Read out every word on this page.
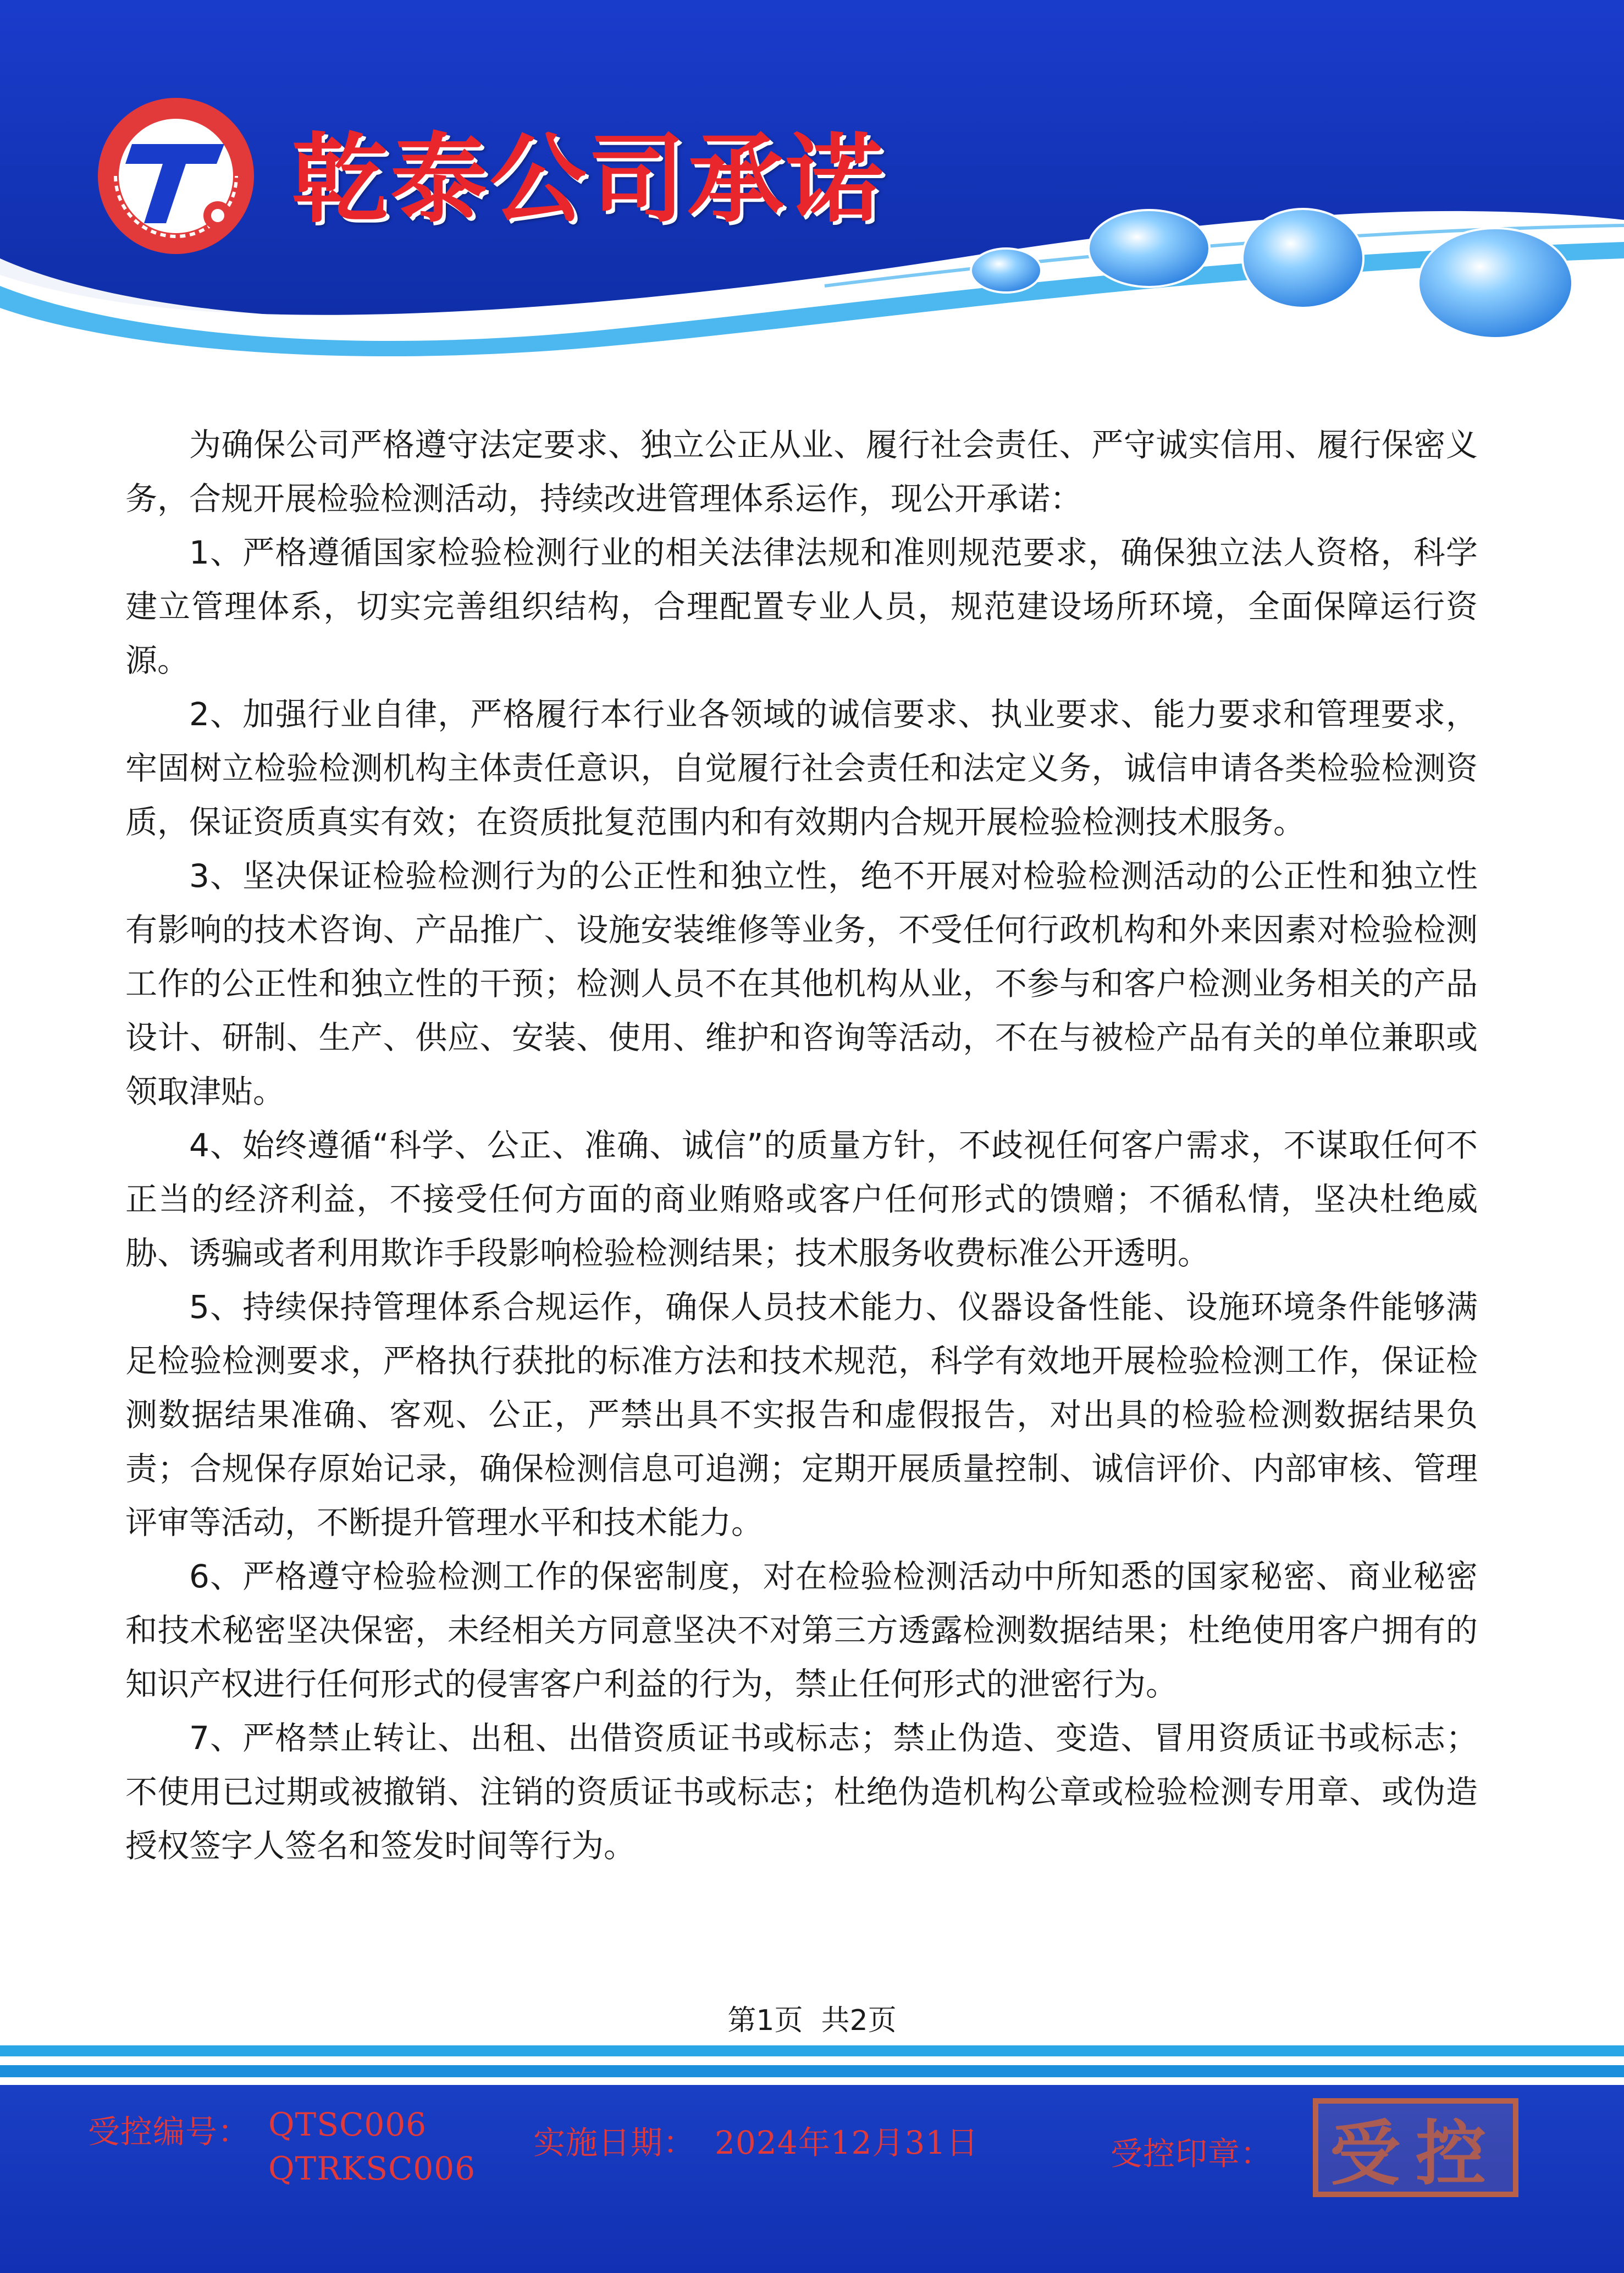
乾泰公司承诺

为确保公司严格遵守法定要求、独立公正从业、履行社会责任、严守诚实信用、履行保密义务，合规开展检验检测活动，持续改进管理体系运作，现公开承诺：

1、严格遵循国家检验检测行业的相关法律法规和准则规范要求，确保独立法人资格，科学建立管理体系，切实完善组织结构，合理配置专业人员，规范建设场所环境，全面保障运行资源。

2、加强行业自律，严格履行本行业各领域的诚信要求、执业要求、能力要求和管理要求，牢固树立检验检测机构主体责任意识，自觉履行社会责任和法定义务，诚信申请各类检验检测资质，保证资质真实有效；在资质批复范围内和有效期内合规开展检验检测技术服务。

3、坚决保证检验检测行为的公正性和独立性，绝不开展对检验检测活动的公正性和独立性有影响的技术咨询、产品推广、设施安装维修等业务，不受任何行政机构和外来因素对检验检测工作的公正性和独立性的干预；检测人员不在其他机构从业，不参与和客户检测业务相关的产品设计、研制、生产、供应、安装、使用、维护和咨询等活动，不在与被检产品有关的单位兼职或领取津贴。

4、始终遵循“科学、公正、准确、诚信”的质量方针，不歧视任何客户需求，不谋取任何不正当的经济利益，不接受任何方面的商业贿赂或客户任何形式的馈赠；不循私情，坚决杜绝威胁、诱骗或者利用欺诈手段影响检验检测结果；技术服务收费标准公开透明。

5、持续保持管理体系合规运作，确保人员技术能力、仪器设备性能、设施环境条件能够满足检验检测要求，严格执行获批的标准方法和技术规范，科学有效地开展检验检测工作，保证检测数据结果准确、客观、公正，严禁出具不实报告和虚假报告，对出具的检验检测数据结果负责；合规保存原始记录，确保检测信息可追溯；定期开展质量控制、诚信评价、内部审核、管理评审等活动，不断提升管理水平和技术能力。

6、严格遵守检验检测工作的保密制度，对在检验检测活动中所知悉的国家秘密、商业秘密和技术秘密坚决保密，未经相关方同意坚决不对第三方透露检测数据结果；杜绝使用客户拥有的知识产权进行任何形式的侵害客户利益的行为，禁止任何形式的泄密行为。

7、严格禁止转让、出租、出借资质证书或标志；禁止伪造、变造、冒用资质证书或标志；不使用已过期或被撤销、注销的资质证书或标志；杜绝伪造机构公章或检验检测专用章、或伪造授权签字人签名和签发时间等行为。

第1页  共2页
受控编号： QTSC006
QTRKSC006
实施日期： 2024年12月31日	受控印章： 受控
